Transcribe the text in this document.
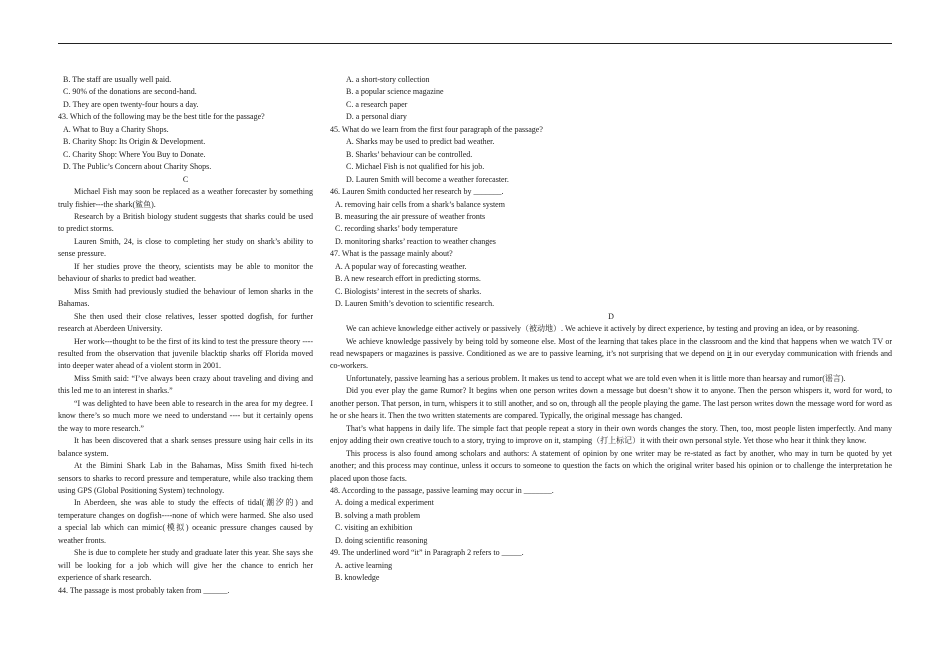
B. The staff are usually well paid.

C. 90% of the donations are second-hand.

D. They are open twenty-four hours a day.

43. Which of the following may be the best title for the passage?

A. What to Buy a Charity Shops.

B. Charity Shop: Its Origin & Development.

C. Charity Shop: Where You Buy to Donate.

D. The Public’s Concern about Charity Shops.

C

Michael Fish may soon be replaced as a weather forecaster by something truly fishier---the shark(鲨鱼).

Research by a British biology student suggests that sharks could be used to predict storms.

Lauren Smith, 24, is close to completing her study on shark’s ability to sense pressure.

If her studies prove the theory, scientists may be able to monitor the behaviour of sharks to predict bad weather.

Miss Smith had previously studied the behaviour of lemon sharks in the Bahamas.

She then used their close relatives, lesser spotted dogfish, for further research at Aberdeen University.

Her work---thought to be the first of its kind to test the pressure theory ---- resulted from the observation that juvenile blacktip sharks off Florida moved into deeper water ahead of a violent storm in 2001.

Miss Smith said: “I’ve always been crazy about traveling and diving and this led me to an interest in sharks.”

“I was delighted to have been able to research in the area for my degree. I know there’s so much more we need to understand ---- but it certainly opens the way to more research.”

It has been discovered that a shark senses pressure using hair cells in its balance system.

At the Bimini Shark Lab in the Bahamas, Miss Smith fixed hi-tech sensors to sharks to record pressure and temperature, while also tracking them using GPS (Global Positioning System) technology.

In Aberdeen, she was able to study the effects of tidal(潮汐的) and temperature changes on dogfish----none of which were harmed. She also used a special lab which can mimic(模拟) oceanic pressure changes caused by weather fronts.

She is due to complete her study and graduate later this year. She says she will be looking for a job which will give her the chance to enrich her experience of shark research.

44. The passage is most probably taken from ______.

A. a short-story collection

B. a popular science magazine

C. a research paper

D. a personal diary

45. What do we learn from the first four paragraph of the passage?

A. Sharks may be used to predict bad weather.

B. Sharks’ behaviour can be controlled.

C. Michael Fish is not qualified for his job.

D. Lauren Smith will become a weather forecaster.

46. Lauren Smith conducted her research by _______.

A. removing hair cells from a shark’s balance system

B. measuring the air pressure of weather fronts

C. recording sharks’ body temperature

D. monitoring sharks’ reaction to weather changes

47. What is the passage mainly about?

A. A popular way of forecasting weather.

B. A new research effort in predicting storms.

C. Biologists’ interest in the secrets of sharks.

D. Lauren Smith’s devotion to scientific research.

D

We can achieve knowledge either actively or passively（被动地）. We achieve it actively by direct experience, by testing and proving an idea, or by reasoning.

We achieve knowledge passively by being told by someone else. Most of the learning that takes place in the classroom and the kind that happens when we watch TV or read newspapers or magazines is passive. Conditioned as we are to passive learning, it’s not surprising that we depend on it in our everyday communication with friends and co-workers.

Unfortunately, passive learning has a serious problem. It makes us tend to accept what we are told even when it is little more than hearsay and rumor(谣言).

Did you ever play the game Rumor? It begins when one person writes down a message but doesn’t show it to anyone. Then the person whispers it, word for word, to another person. That person, in turn, whispers it to still another, and so on, through all the people playing the game. The last person writes down the message word for word as he or she hears it. Then the two written statements are compared. Typically, the original message has changed.

That’s what happens in daily life. The simple fact that people repeat a story in their own words changes the story. Then, too, most people listen imperfectly. And many enjoy adding their own creative touch to a story, trying to improve on it, stamping（打上标记）it with their own personal style. Yet those who hear it think they know.

This process is also found among scholars and authors: A statement of opinion by one writer may be re-stated as fact by another, who may in turn be quoted by yet another; and this process may continue, unless it occurs to someone to question the facts on which the original writer based his opinion or to challenge the interpretation he placed upon those facts.

48. According to the passage, passive learning may occur in _______.

A. doing a medical experiment

B. solving a math problem

C. visiting an exhibition

D. doing scientific reasoning

49. The underlined word “it” in Paragraph 2 refers to _____.

A. active learning

B. knowledge
